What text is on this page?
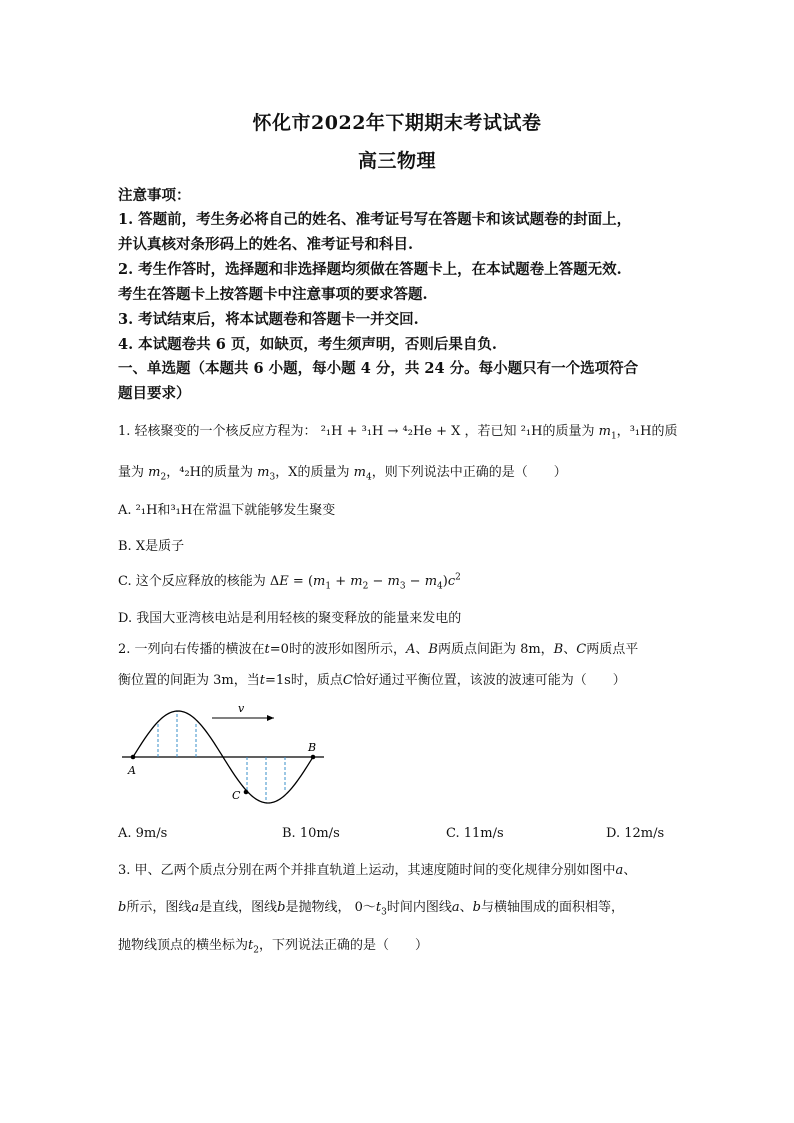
怀化市2022年下期期末考试试卷
高三物理
注意事项：
1. 答题前，考生务必将自己的姓名、准考证号写在答题卡和该试题卷的封面上，
并认真核对条形码上的姓名、准考证号和科目.
2. 考生作答时，选择题和非选择题均须做在答题卡上，在本试题卷上答题无效.
考生在答题卡上按答题卡中注意事项的要求答题.
3. 考试结束后，将本试题卷和答题卡一并交回.
4. 本试题卷共 6 页，如缺页，考生须声明，否则后果自负.
一、单选题（本题共 6 小题，每小题 4 分，共 24 分。每小题只有一个选项符合
题目要求）
1. 轻核聚变的一个核反应方程为： ²₁H + ³₁H → ⁴₂He + X ，若已知 ²₁H的质量为 $m_1$，³₁H的质
量为 $m_2$，⁴₂H的质量为 $m_3$，X的质量为 $m_4$，则下列说法中正确的是（　　）
A. ²₁H和³₁H在常温下就能够发生聚变
B. X是质子
C. 这个反应释放的核能为 $\Delta E = (m_1 + m_2 - m_3 - m_4)c^2$
D. 我国大亚湾核电站是利用轻核的聚变释放的能量来发电的
2. 一列向右传播的横波在t=0时的波形如图所示，A、B两质点间距为 8m，B、C两质点平
衡位置的间距为 3m，当t=1s时，质点C恰好通过平衡位置，该波的波速可能为（　　）
v
A
B
C
A. 9m/s	B. 10m/s	C. 11m/s	D. 12m/s
3. 甲、乙两个质点分别在两个并排直轨道上运动，其速度随时间的变化规律分别如图中a、
b所示，图线a是直线，图线b是抛物线， $0\sim t_3$时间内图线a、b与横轴围成的面积相等，
抛物线顶点的横坐标为$t_2$，下列说法正确的是（　　）
